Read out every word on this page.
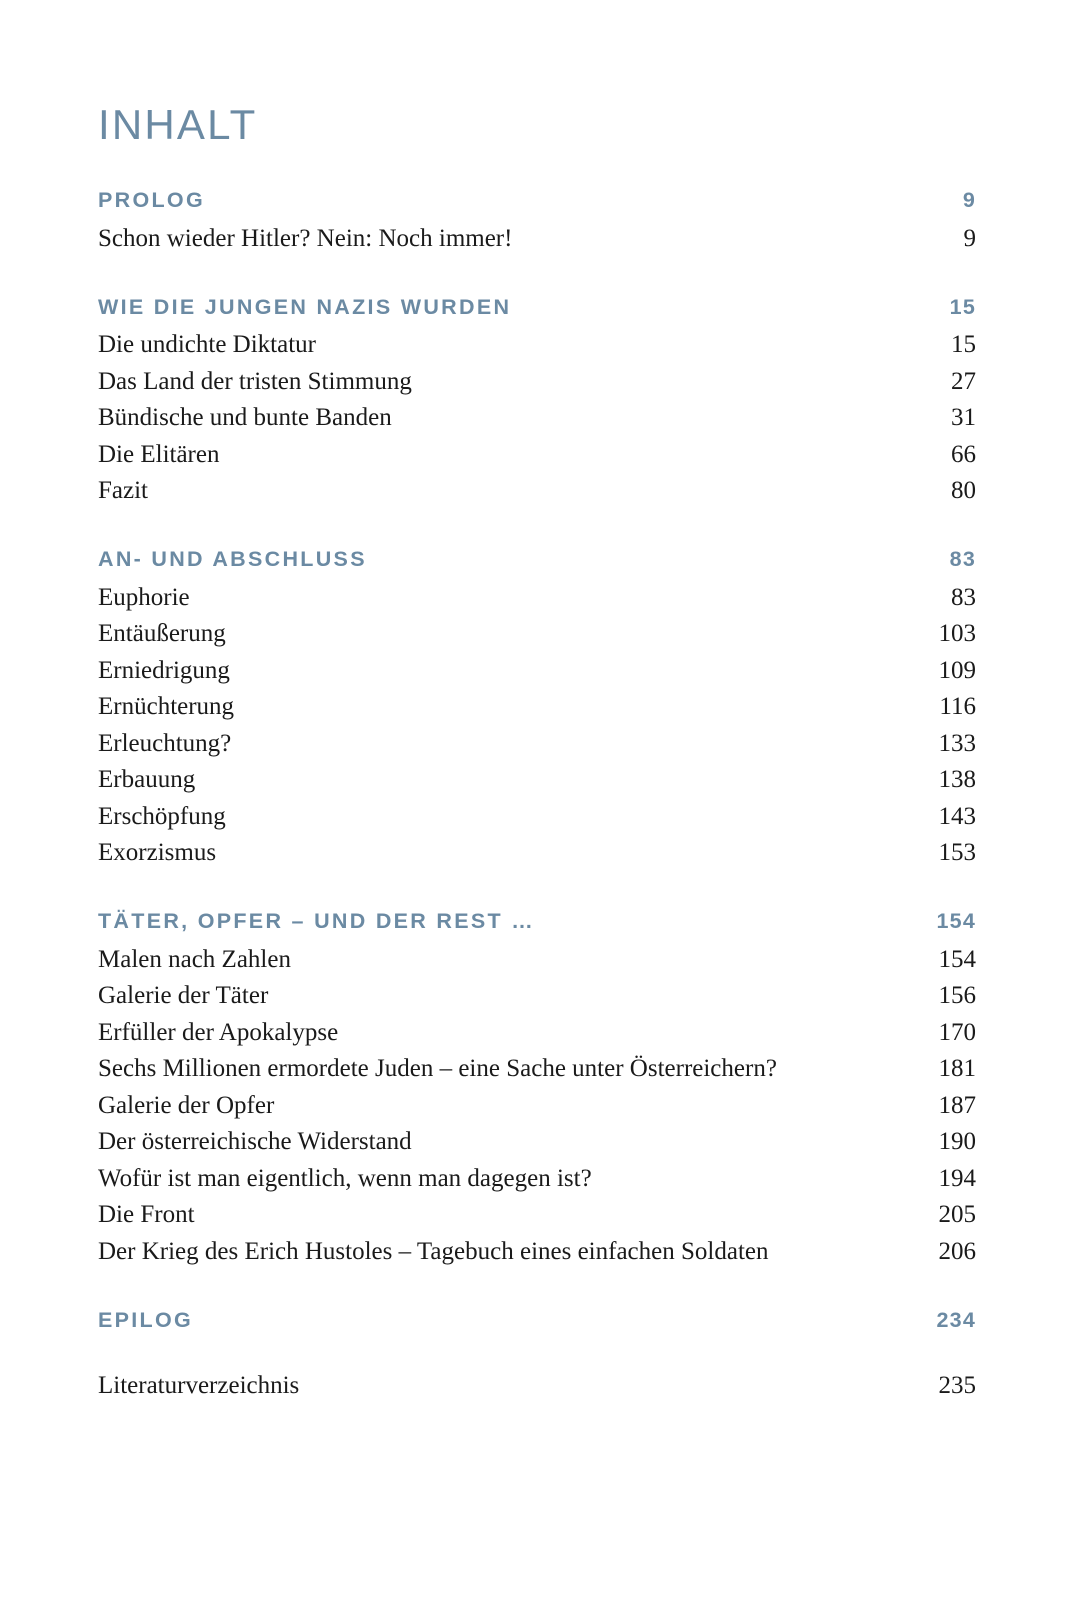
INHALT
PROLOG	9
Schon wieder Hitler? Nein: Noch immer!	9
WIE DIE JUNGEN NAZIS WURDEN	15
Die undichte Diktatur	15
Das Land der tristen Stimmung	27
Bündische und bunte Banden	31
Die Elitären	66
Fazit	80
AN- UND ABSCHLUSS	83
Euphorie	83
Entäußerung	103
Erniedrigung	109
Ernüchterung	116
Erleuchtung?	133
Erbauung	138
Erschöpfung	143
Exorzismus	153
TÄTER, OPFER – UND DER REST …	154
Malen nach Zahlen	154
Galerie der Täter	156
Erfüller der Apokalypse	170
Sechs Millionen ermordete Juden – eine Sache unter Österreichern?	181
Galerie der Opfer	187
Der österreichische Widerstand	190
Wofür ist man eigentlich, wenn man dagegen ist?	194
Die Front	205
Der Krieg des Erich Hustoles – Tagebuch eines einfachen Soldaten	206
EPILOG	234
Literaturverzeichnis	235
